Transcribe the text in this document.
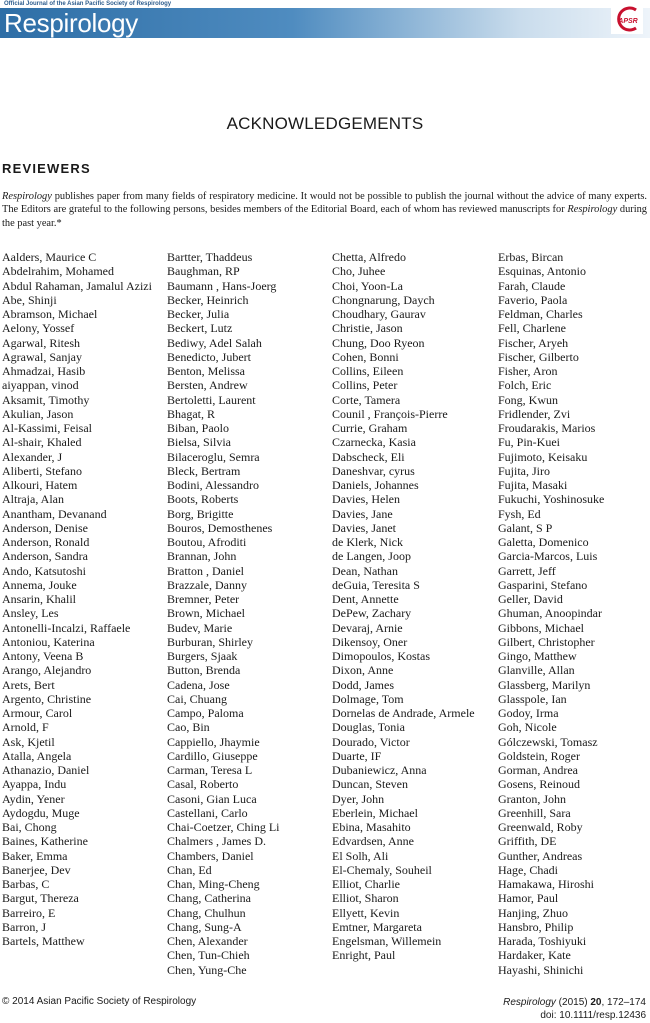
Official Journal of the Asian Pacific Society of Respirology
Respirology	APSR
ACKNOWLEDGEMENTS
REVIEWERS

Respirology publishes paper from many fields of respiratory medicine. It would not be possible to publish the journal without the advice of many experts. The Editors are grateful to the following persons, besides members of the Editorial Board, each of whom has reviewed manuscripts for Respirology during the past year.*

Aalders, Maurice C
Abdelrahim, Mohamed
Abdul Rahaman, Jamalul Azizi
Abe, Shinji
Abramson, Michael
Aelony, Yossef
Agarwal, Ritesh
Agrawal, Sanjay
Ahmadzai, Hasib
aiyappan, vinod
Aksamit, Timothy
Akulian, Jason
Al-Kassimi, Feisal
Al-shair, Khaled
Alexander, J
Aliberti, Stefano
Alkouri, Hatem
Altraja, Alan
Anantham, Devanand
Anderson, Denise
Anderson, Ronald
Anderson, Sandra
Ando, Katsutoshi
Annema, Jouke
Ansarin, Khalil
Ansley, Les
Antonelli-Incalzi, Raffaele
Antoniou, Katerina
Antony, Veena B
Arango, Alejandro
Arets, Bert
Argento, Christine
Armour, Carol
Arnold, F
Ask, Kjetil
Atalla, Angela
Athanazio, Daniel
Ayappa, Indu
Aydin, Yener
Aydogdu, Muge
Bai, Chong
Baines, Katherine
Baker, Emma
Banerjee, Dev
Barbas, C
Bargut, Thereza
Barreiro, E
Barron, J
Bartels, Matthew
Bartter, Thaddeus
Baughman, RP
Baumann , Hans-Joerg
Becker, Heinrich
Becker, Julia
Beckert, Lutz
Bediwy, Adel Salah
Benedicto, Jubert
Benton, Melissa
Bersten, Andrew
Bertoletti, Laurent
Bhagat, R
Biban, Paolo
Bielsa, Silvia
Bilaceroglu, Semra
Bleck, Bertram
Bodini, Alessandro
Boots, Roberts
Borg, Brigitte
Bouros, Demosthenes
Boutou, Afroditi
Brannan, John
Bratton , Daniel
Brazzale, Danny
Bremner, Peter
Brown, Michael
Budev, Marie
Burburan, Shirley
Burgers, Sjaak
Button, Brenda
Cadena, Jose
Cai, Chuang
Campo, Paloma
Cao, Bin
Cappiello, Jhaymie
Cardillo, Giuseppe
Carman, Teresa L
Casal, Roberto
Casoni, Gian Luca
Castellani, Carlo
Chai-Coetzer, Ching Li
Chalmers , James D.
Chambers, Daniel
Chan, Ed
Chan, Ming-Cheng
Chang, Catherina
Chang, Chulhun
Chang, Sung-A
Chen, Alexander
Chen, Tun-Chieh
Chen, Yung-Che
Chetta, Alfredo
Cho, Juhee
Choi, Yoon-La
Chongnarung, Daych
Choudhary, Gaurav
Christie, Jason
Chung, Doo Ryeon
Cohen, Bonni
Collins, Eileen
Collins, Peter
Corte, Tamera
Counil , François-Pierre
Currie, Graham
Czarnecka, Kasia
Dabscheck, Eli
Daneshvar, cyrus
Daniels, Johannes
Davies, Helen
Davies, Jane
Davies, Janet
de Klerk, Nick
de Langen, Joop
Dean, Nathan
deGuia, Teresita S
Dent, Annette
DePew, Zachary
Devaraj, Arnie
Dikensoy, Oner
Dimopoulos, Kostas
Dixon, Anne
Dodd, James
Dolmage, Tom
Dornelas de Andrade, Armele
Douglas, Tonia
Dourado, Victor
Duarte, IF
Dubaniewicz, Anna
Duncan, Steven
Dyer, John
Eberlein, Michael
Ebina, Masahito
Edvardsen, Anne
El Solh, Ali
El-Chemaly, Souheil
Elliot, Charlie
Elliot, Sharon
Ellyett, Kevin
Emtner, Margareta
Engelsman, Willemein
Enright, Paul
Erbas, Bircan
Esquinas, Antonio
Farah, Claude
Faverio, Paola
Feldman, Charles
Fell, Charlene
Fischer, Aryeh
Fischer, Gilberto
Fisher, Aron
Folch, Eric
Fong, Kwun
Fridlender, Zvi
Froudarakis, Marios
Fu, Pin-Kuei
Fujimoto, Keisaku
Fujita, Jiro
Fujita, Masaki
Fukuchi, Yoshinosuke
Fysh, Ed
Galant, S P
Galetta, Domenico
Garcia-Marcos, Luis
Garrett, Jeff
Gasparini, Stefano
Geller, David
Ghuman, Anoopindar
Gibbons, Michael
Gilbert, Christopher
Gingo, Matthew
Glanville, Allan
Glassberg, Marilyn
Glasspole, Ian
Godoy, Irma
Goh, Nicole
Gólczewski, Tomasz
Goldstein, Roger
Gorman, Andrea
Gosens, Reinoud
Granton, John
Greenhill, Sara
Greenwald, Roby
Griffith, DE
Gunther, Andreas
Hage, Chadi
Hamakawa, Hiroshi
Hamor, Paul
Hanjing, Zhuo
Hansbro, Philip
Harada, Toshiyuki
Hardaker, Kate
Hayashi, Shinichi
© 2014 Asian Pacific Society of Respirology	Respirology (2015) 20, 172–174
doi: 10.1111/resp.12436
